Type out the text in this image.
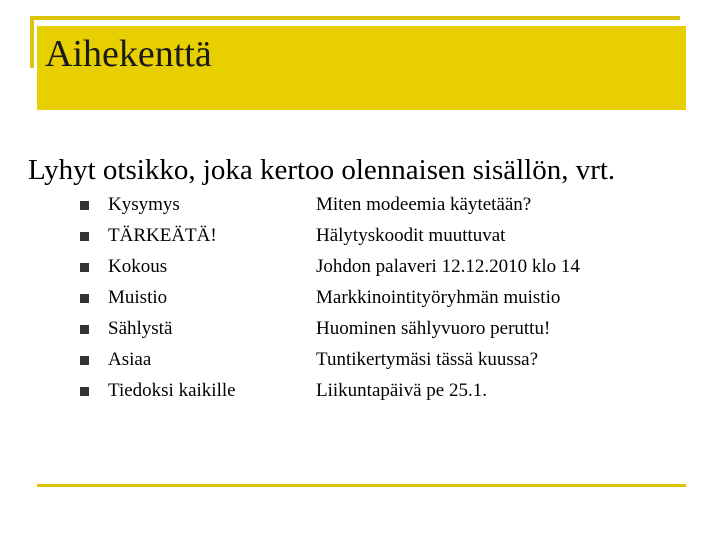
Aihekenttä
Lyhyt otsikko, joka kertoo olennaisen sisällön, vrt.
Kysymys	Miten modeemia käytetään?
TÄRKEÄTÄ!	Hälytyskoodit muuttuvat
Kokous	Johdon palaveri 12.12.2010 klo 14
Muistio	Markkinointityöryhmän muistio
Sählystä	Huominen sählyvuoro peruttu!
Asiaa	Tuntikertymäsi tässä kuussa?
Tiedoksi kaikille	Liikuntapäivä pe 25.1.
